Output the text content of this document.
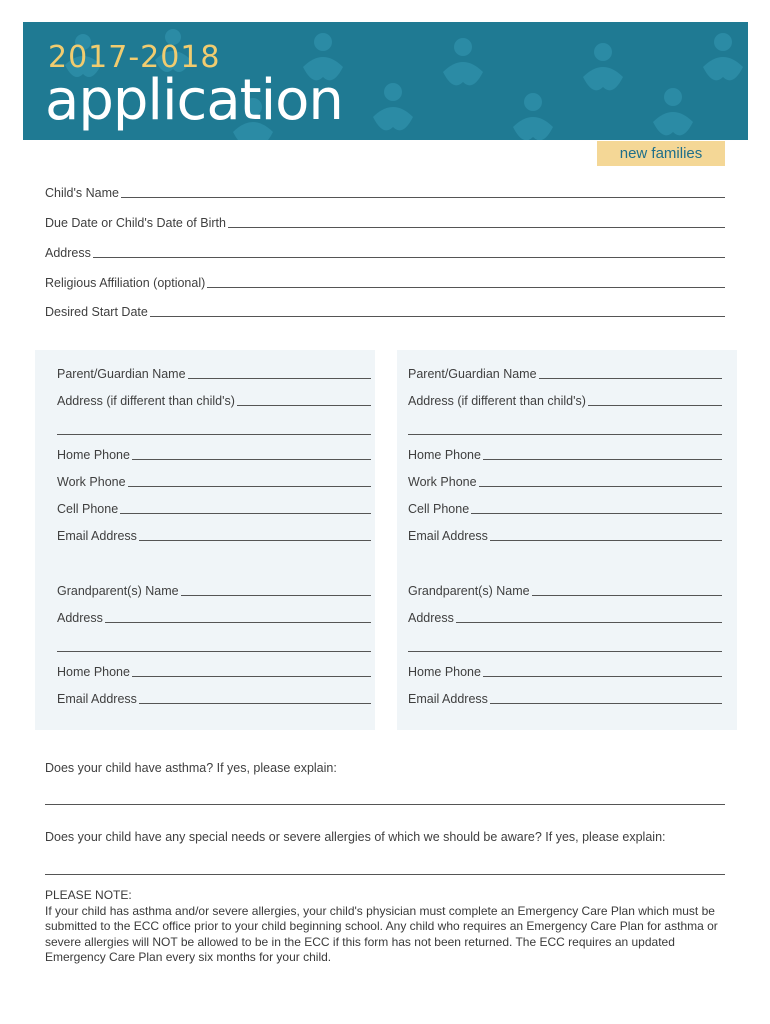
2017-2018
application
new families
Child's Name
Due Date or Child's Date of Birth
Address
Religious Affiliation (optional)
Desired Start Date
Parent/Guardian Name
Address (if different than child's)
Home Phone
Work Phone
Cell Phone
Email Address
Grandparent(s) Name
Address
Home Phone
Email Address
Parent/Guardian Name
Address (if different than child's)
Home Phone
Work Phone
Cell Phone
Email Address
Grandparent(s) Name
Address
Home Phone
Email Address
Does your child have asthma? If yes, please explain:
Does your child have any special needs or severe allergies of which we should be aware? If yes, please explain:
PLEASE NOTE:
If your child has asthma and/or severe allergies, your child's physician must complete an Emergency Care Plan which must be submitted to the ECC office prior to your child beginning school. Any child who requires an Emergency Care Plan for asthma or severe allergies will NOT be allowed to be in the ECC if this form has not been returned. The ECC requires an updated Emergency Care Plan every six months for your child.
